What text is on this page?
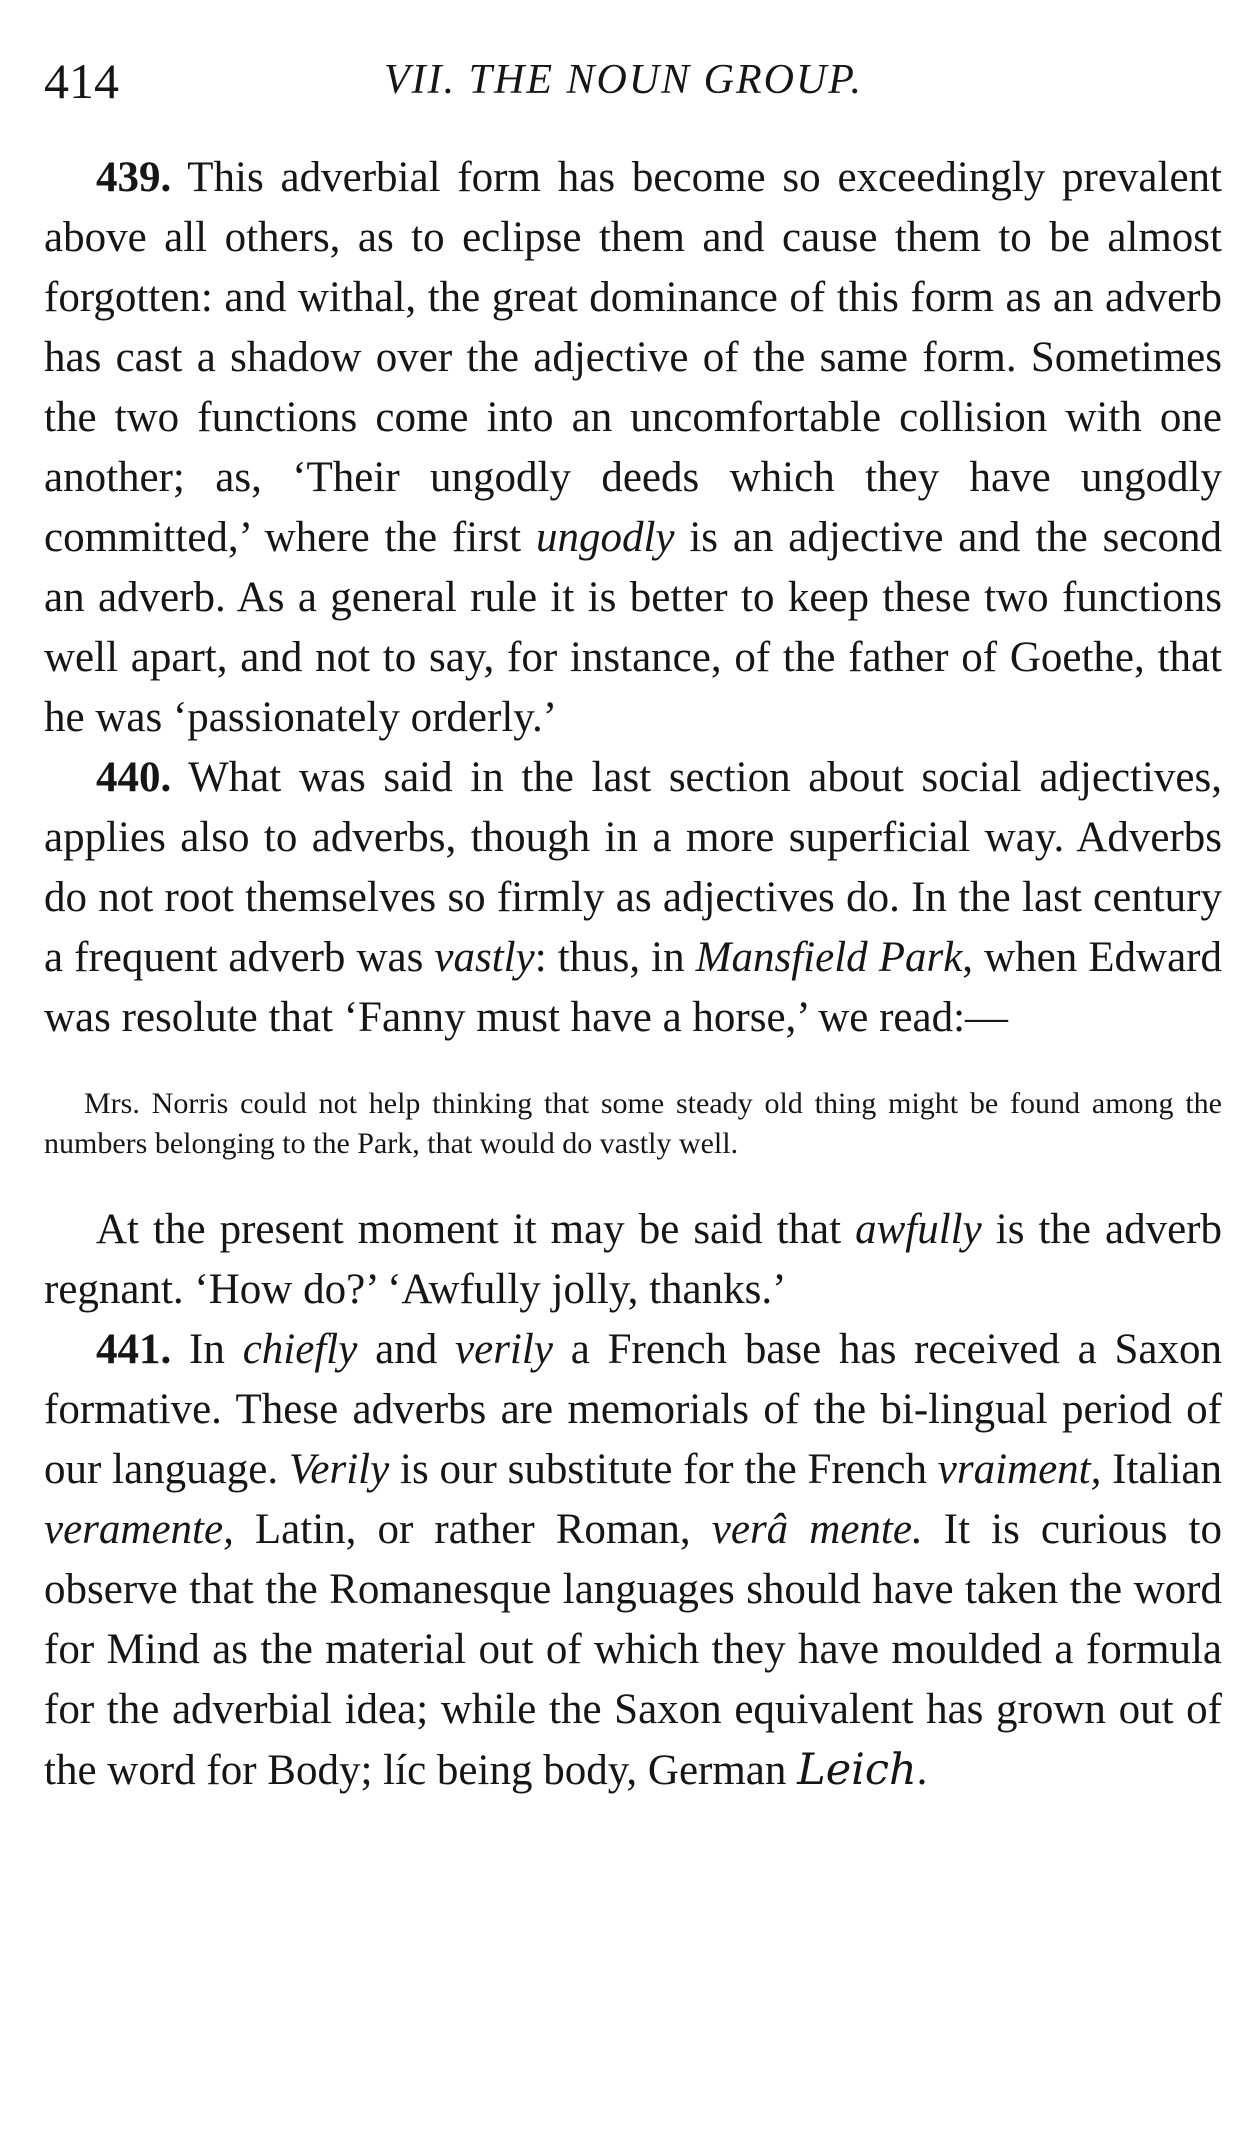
414	VII. THE NOUN GROUP.

439. This adverbial form has become so exceedingly prevalent above all others, as to eclipse them and cause them to be almost forgotten: and withal, the great dominance of this form as an adverb has cast a shadow over the adjective of the same form. Sometimes the two functions come into an uncomfortable collision with one another; as, ‘Their ungodly deeds which they have ungodly committed,’ where the first ungodly is an adjective and the second an adverb. As a general rule it is better to keep these two functions well apart, and not to say, for instance, of the father of Goethe, that he was ‘passionately orderly.’

440. What was said in the last section about social adjectives, applies also to adverbs, though in a more superficial way. Adverbs do not root themselves so firmly as adjectives do. In the last century a frequent adverb was vastly: thus, in Mansfield Park, when Edward was resolute that ‘Fanny must have a horse,’ we read:—

Mrs. Norris could not help thinking that some steady old thing might be found among the numbers belonging to the Park, that would do vastly well.

At the present moment it may be said that awfully is the adverb regnant. ‘How do?’ ‘Awfully jolly, thanks.’

441. In chiefly and verily a French base has received a Saxon formative. These adverbs are memorials of the bi-lingual period of our language. Verily is our substitute for the French vraiment, Italian veramente, Latin, or rather Roman, verâ mente. It is curious to observe that the Romanesque languages should have taken the word for Mind as the material out of which they have moulded a formula for the adverbial idea; while the Saxon equivalent has grown out of the word for Body; líc being body, German Leich.
